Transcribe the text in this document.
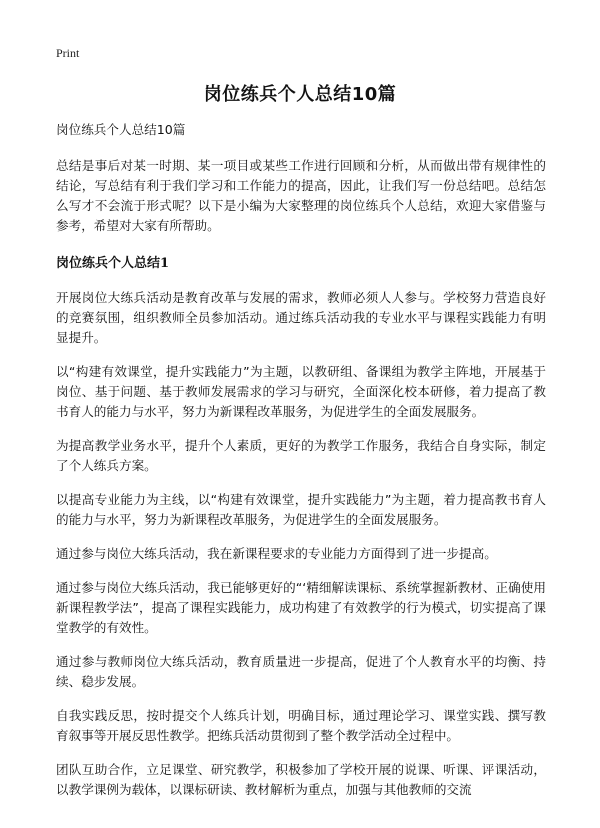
Print
岗位练兵个人总结10篇

岗位练兵个人总结10篇

总结是事后对某一时期、某一项目或某些工作进行回顾和分析，从而做出带有规律性的结论，写总结有利于我们学习和工作能力的提高，因此，让我们写一份总结吧。总结怎么写才不会流于形式呢？以下是小编为大家整理的岗位练兵个人总结，欢迎大家借鉴与参考，希望对大家有所帮助。

岗位练兵个人总结1

开展岗位大练兵活动是教育改革与发展的需求，教师必须人人参与。学校努力营造良好的竞赛氛围，组织教师全员参加活动。通过练兵活动我的专业水平与课程实践能力有明显提升。

以“构建有效课堂，提升实践能力”为主题，以教研组、备课组为教学主阵地，开展基于岗位、基于问题、基于教师发展需求的学习与研究，全面深化校本研修，着力提高了教书育人的能力与水平，努力为新课程改革服务，为促进学生的全面发展服务。

为提高教学业务水平，提升个人素质，更好的为教学工作服务，我结合自身实际，制定了个人练兵方案。

以提高专业能力为主线，以“构建有效课堂，提升实践能力”为主题，着力提高教书育人的能力与水平，努力为新课程改革服务，为促进学生的全面发展服务。

通过参与岗位大练兵活动，我在新课程要求的专业能力方面得到了进一步提高。

通过参与岗位大练兵活动，我已能够更好的“‘精细解读课标、系统掌握新教材、正确使用新课程教学法”，提高了课程实践能力，成功构建了有效教学的行为模式，切实提高了课堂教学的有效性。

通过参与教师岗位大练兵活动，教育质量进一步提高，促进了个人教育水平的均衡、持续、稳步发展。

自我实践反思，按时提交个人练兵计划，明确目标，通过理论学习、课堂实践、撰写教育叙事等开展反思性教学。把练兵活动贯彻到了整个教学活动全过程中。

团队互助合作，立足课堂、研究教学，积极参加了学校开展的说课、听课、评课活动，以教学课例为载体，以课标研读、教材解析为重点，加强与其他教师的交流
